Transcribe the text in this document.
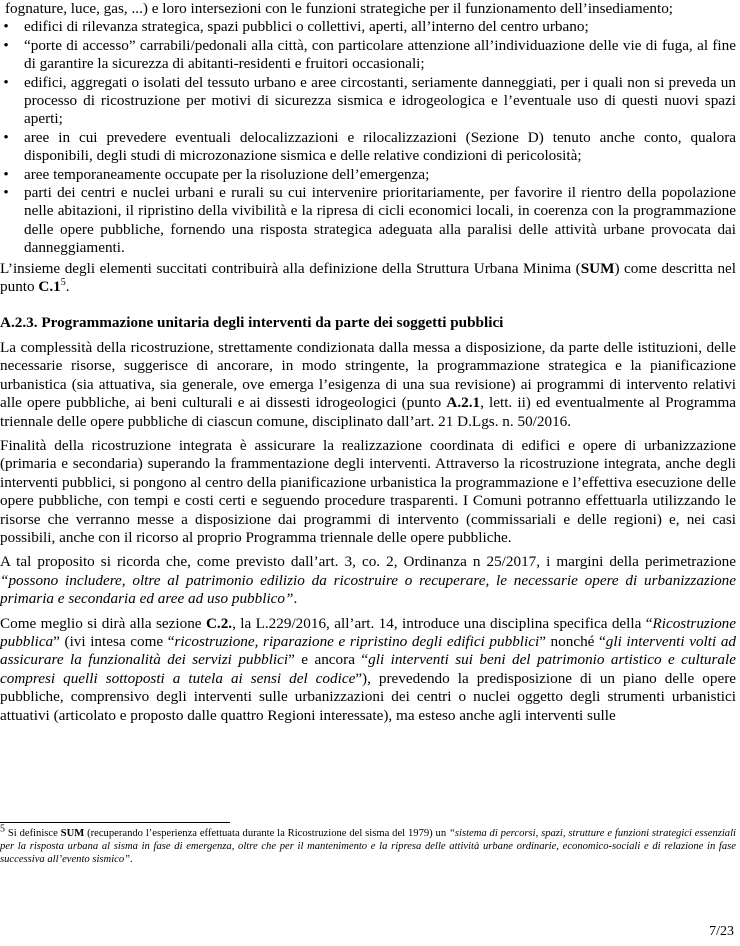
fognature, luce, gas, ...) e loro intersezioni con le funzioni strategiche per il funzionamento dell’insediamento;
• edifici di rilevanza strategica, spazi pubblici o collettivi, aperti, all’interno del centro urbano;
• “porte di accesso” carrabili/pedonali alla città, con particolare attenzione all’individuazione delle vie di fuga, al fine di garantire la sicurezza di abitanti-residenti e fruitori occasionali;
• edifici, aggregati o isolati del tessuto urbano e aree circostanti, seriamente danneggiati, per i quali non si preveda un processo di ricostruzione per motivi di sicurezza sismica e idrogeologica e l’eventuale uso di questi nuovi spazi aperti;
• aree in cui prevedere eventuali delocalizzazioni e rilocalizzazioni (Sezione D) tenuto anche conto, qualora disponibili, degli studi di microzonazione sismica e delle relative condizioni di pericolosità;
• aree temporaneamente occupate per la risoluzione dell’emergenza;
• parti dei centri e nuclei urbani e rurali su cui intervenire prioritariamente, per favorire il rientro della popolazione nelle abitazioni, il ripristino della vivibilità e la ripresa di cicli economici locali, in coerenza con la programmazione delle opere pubbliche, fornendo una risposta strategica adeguata alla paralisi delle attività urbane provocata dai danneggiamenti.

L’insieme degli elementi succitati contribuirà alla definizione della Struttura Urbana Minima (SUM) come descritta nel punto $C.1^5$.

A.2.3. Programmazione unitaria degli interventi da parte dei soggetti pubblici

La complessità della ricostruzione, strettamente condizionata dalla messa a disposizione, da parte delle istituzioni, delle necessarie risorse, suggerisce di ancorare, in modo stringente, la programmazione strategica e la pianificazione urbanistica (sia attuativa, sia generale, ove emerga l’esigenza di una sua revisione) ai programmi di intervento relativi alle opere pubbliche, ai beni culturali e ai dissesti idrogeologici (punto A.2.1, lett. ii) ed eventualmente al Programma triennale delle opere pubbliche di ciascun comune, disciplinato dall’art. 21 D.Lgs. n. 50/2016.

Finalità della ricostruzione integrata è assicurare la realizzazione coordinata di edifici e opere di urbanizzazione (primaria e secondaria) superando la frammentazione degli interventi. Attraverso la ricostruzione integrata, anche degli interventi pubblici, si pongono al centro della pianificazione urbanistica la programmazione e l’effettiva esecuzione delle opere pubbliche, con tempi e costi certi e seguendo procedure trasparenti. I Comuni potranno effettuarla utilizzando le risorse che verranno messe a disposizione dai programmi di intervento (commissariali e delle regioni) e, nei casi possibili, anche con il ricorso al proprio Programma triennale delle opere pubbliche.

A tal proposito si ricorda che, come previsto dall’art. 3, co. 2, Ordinanza n 25/2017, i margini della perimetrazione “possono includere, oltre al patrimonio edilizio da ricostruire o recuperare, le necessarie opere di urbanizzazione primaria e secondaria ed aree ad uso pubblico”.

Come meglio si dirà alla sezione C.2., la L.229/2016, all’art. 14, introduce una disciplina specifica della “Ricostruzione pubblica” (ivi intesa come “ricostruzione, riparazione e ripristino degli edifici pubblici” nonché “gli interventi volti ad assicurare la funzionalità dei servizi pubblici” e ancora “gli interventi sui beni del patrimonio artistico e culturale compresi quelli sottoposti a tutela ai sensi del codice”), prevedendo la predisposizione di un piano delle opere pubbliche, comprensivo degli interventi sulle urbanizzazioni dei centri o nuclei oggetto degli strumenti urbanistici attuativi (articolato e proposto dalle quattro Regioni interessate), ma esteso anche agli interventi sulle

5 Si definisce SUM (recuperando l’esperienza effettuata durante la Ricostruzione del sisma del 1979) un “sistema di percorsi, spazi, strutture e funzioni strategici essenziali per la risposta urbana al sisma in fase di emergenza, oltre che per il mantenimento e la ripresa delle attività urbane ordinarie, economico-sociali e di relazione in fase successiva all’evento sismico”.
7/23
